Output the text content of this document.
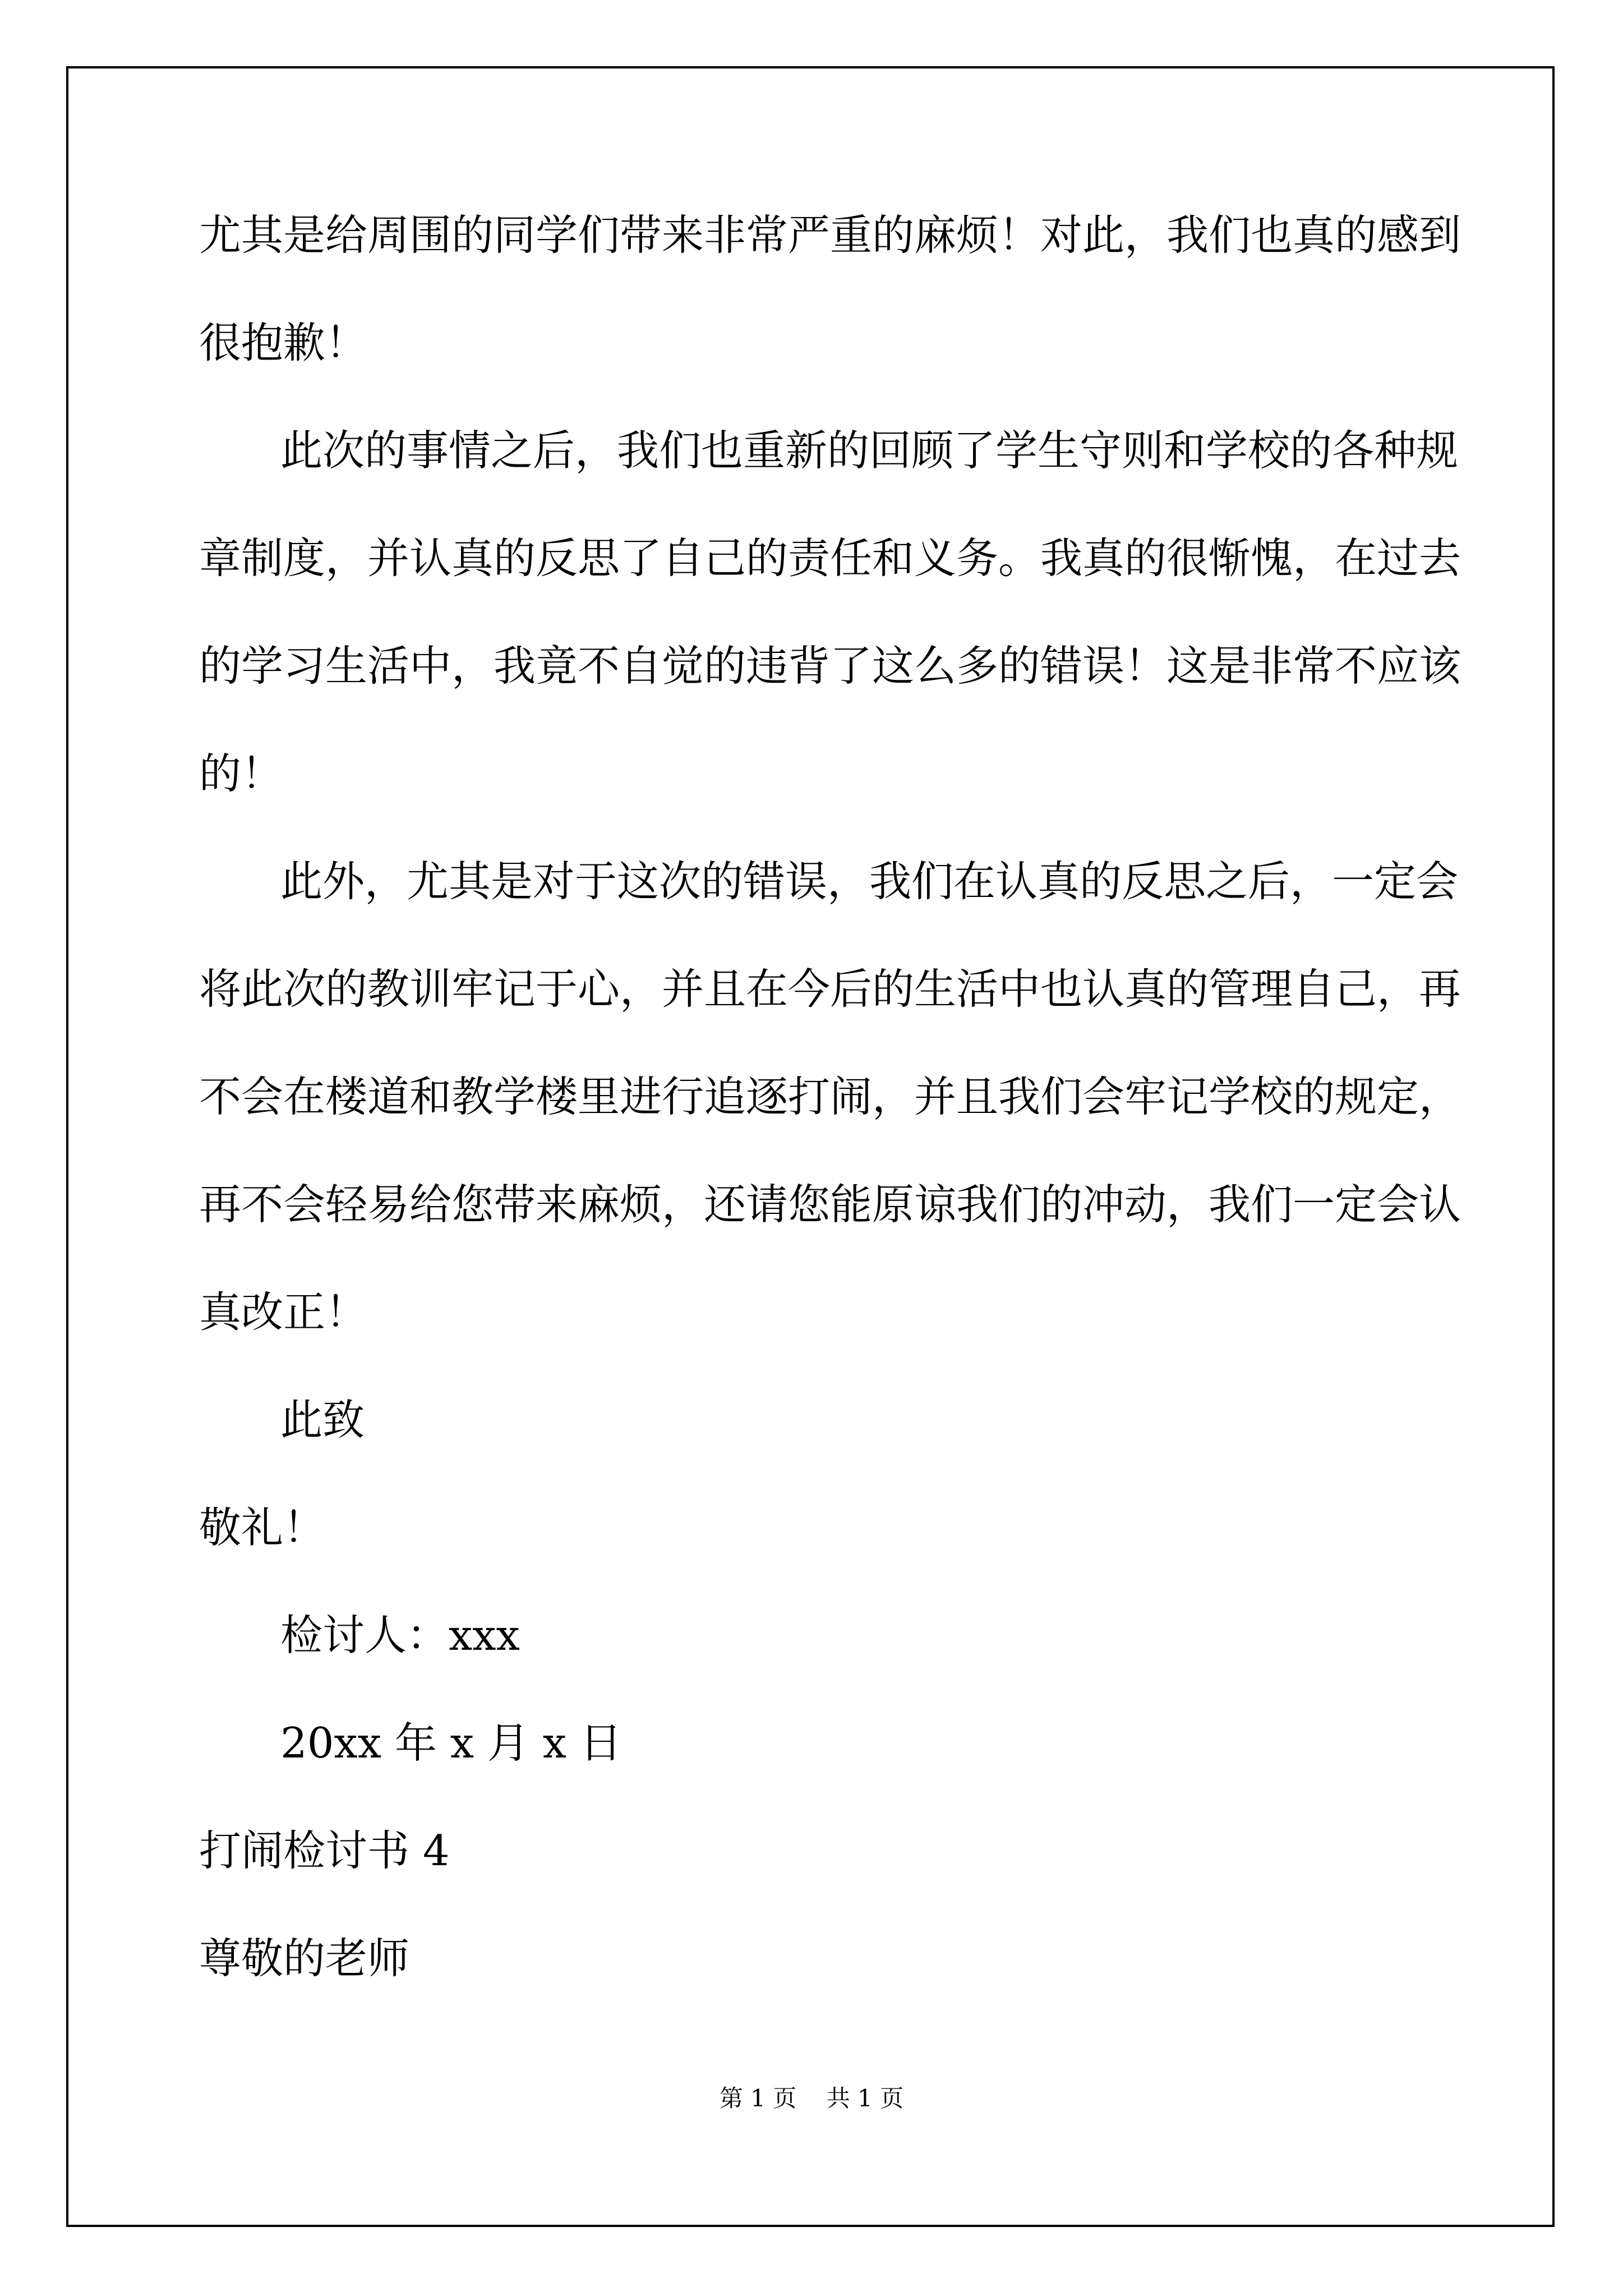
尤其是给周围的同学们带来非常严重的麻烦！对此，我们也真的感到
很抱歉！
此次的事情之后，我们也重新的回顾了学生守则和学校的各种规
章制度，并认真的反思了自己的责任和义务。我真的很惭愧，在过去
的学习生活中，我竟不自觉的违背了这么多的错误！这是非常不应该
的！
此外，尤其是对于这次的错误，我们在认真的反思之后，一定会
将此次的教训牢记于心，并且在今后的生活中也认真的管理自己，再
不会在楼道和教学楼里进行追逐打闹，并且我们会牢记学校的规定，
再不会轻易给您带来麻烦，还请您能原谅我们的冲动，我们一定会认
真改正！
此致
敬礼！
检讨人：xxx
20xx 年 x 月 x 日
打闹检讨书 4
尊敬的老师
第 1 页    共 1 页
